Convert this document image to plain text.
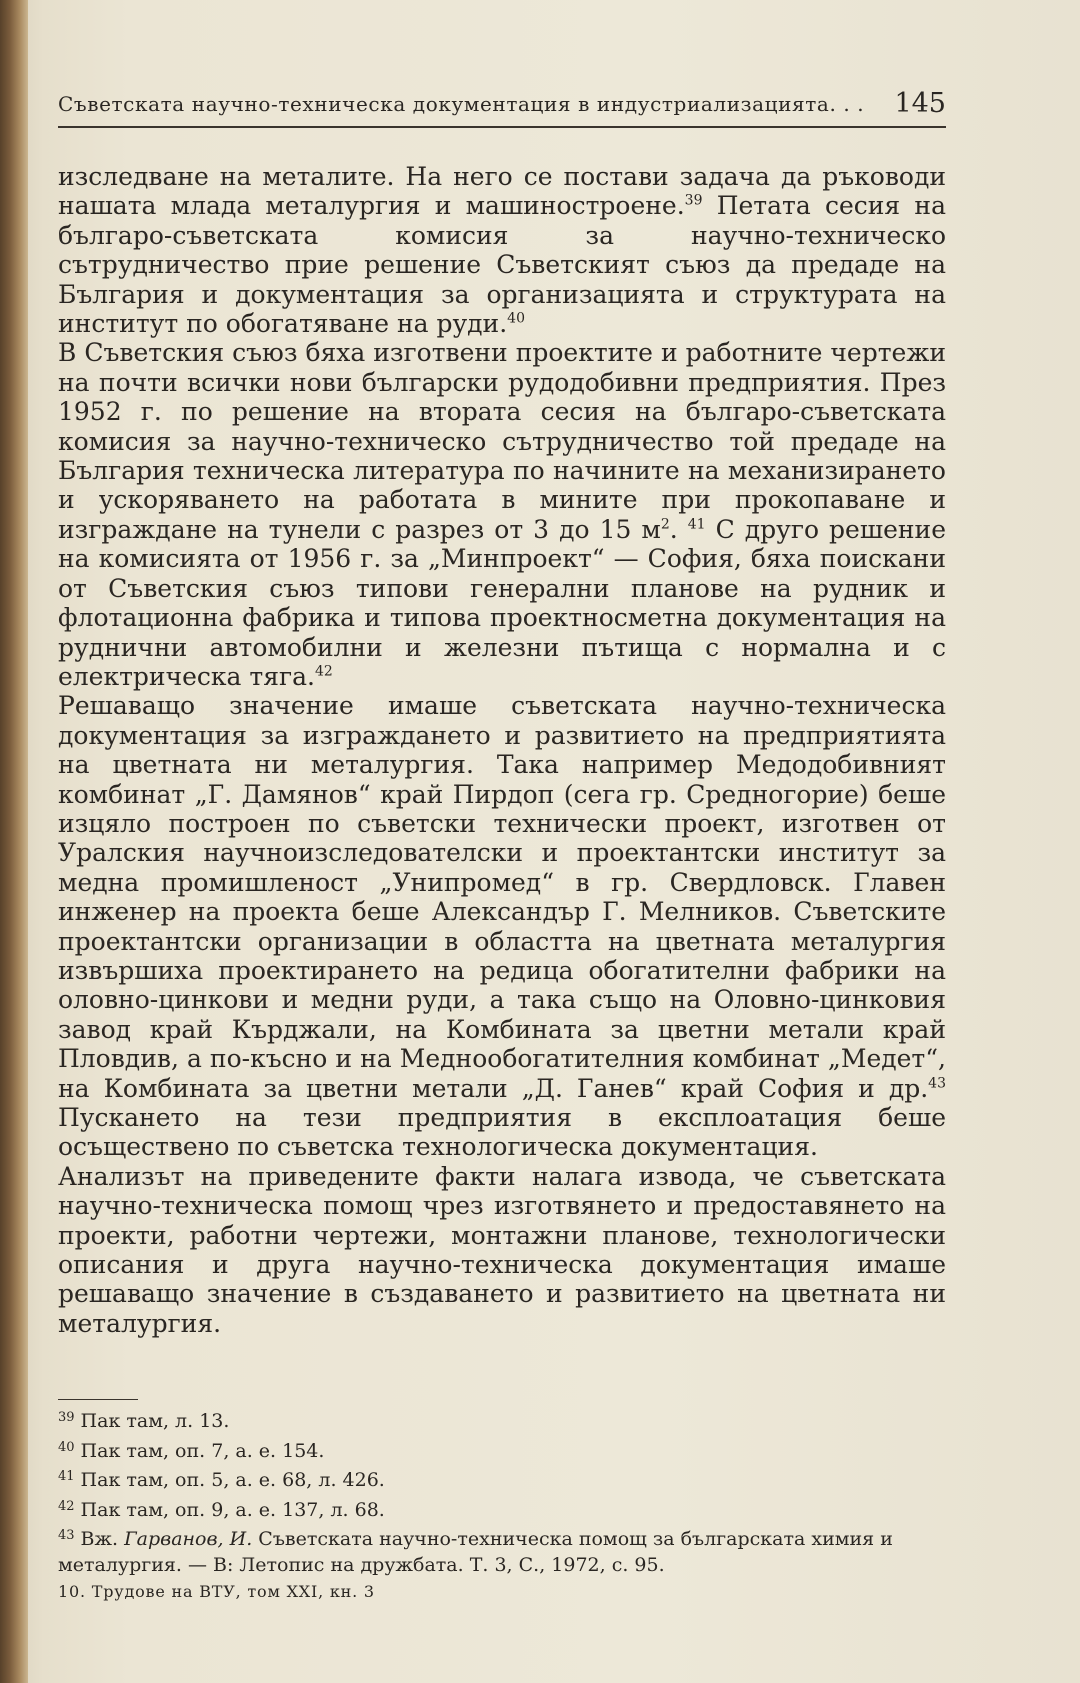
Съветската научно-техническа документация в индустриализацията. . . 145

изследване на металите. На него се постави задача да ръководи нашата млада металургия и машиностроене.$^{39}$ Петата сесия на българо-съветската комисия за научно-техническо сътрудничество прие решение Съветският съюз да предаде на България и документация за организацията и структурата на институт по обогатяване на руди.$^{40}$

В Съветския съюз бяха изготвени проектите и работните чертежи на почти всички нови български рудодобивни предприятия. През 1952 г. по решение на втората сесия на българо-съветската комисия за научно-техническо сътрудничество той предаде на България техническа литература по начините на механизирането и ускоряването на работата в мините при прокопаване и изграждане на тунели с разрез от 3 до 15 $м^2$. $^{41}$ С друго решение на комисията от 1956 г. за „Минпроект“ — София, бяха поискани от Съветския съюз типови генерални планове на рудник и флотационна фабрика и типова проектносметна документация на руднични автомобилни и железни пътища с нормална и с електрическа тяга.$^{42}$

Решаващо значение имаше съветската научно-техническа документация за изграждането и развитието на предприятията на цветната ни металургия. Така например Медодобивният комбинат „Г. Дамянов“ край Пирдоп (сега гр. Средногорие) беше изцяло построен по съветски технически проект, изготвен от Уралския научноизследователски и проектантски институт за медна промишленост „Унипромед“ в гр. Свердловск. Главен инженер на проекта беше Александър Г. Мелников. Съветските проектантски организации в областта на цветната металургия извършиха проектирането на редица обогатителни фабрики на оловно-цинкови и медни руди, а така също на Оловно-цинковия завод край Кърджали, на Комбината за цветни метали край Пловдив, а по-късно и на Меднообогатителния комбинат „Медет“, на Комбината за цветни метали „Д. Ганев“ край София и др.$^{43}$ Пускането на тези предприятия в експлоатация беше осъществено по съветска технологическа документация.

Анализът на приведените факти налага извода, че съветската научно-техническа помощ чрез изготвянето и предоставянето на проекти, работни чертежи, монтажни планове, технологически описания и друга научно-техническа документация имаше решаващо значение в създаването и развитието на цветната ни металургия.

$^{39}$ Пак там, л. 13.
$^{40}$ Пак там, оп. 7, а. е. 154.
$^{41}$ Пак там, оп. 5, а. е. 68, л. 426.
$^{42}$ Пак там, оп. 9, а. е. 137, л. 68.
$^{43}$ Вж. Гарванов, И. Съветската научно-техническа помощ за българската химия и металургия. — В: Летопис на дружбата. Т. 3, С., 1972, с. 95.
10. Трудове на ВТУ, том XXI, кн. 3
